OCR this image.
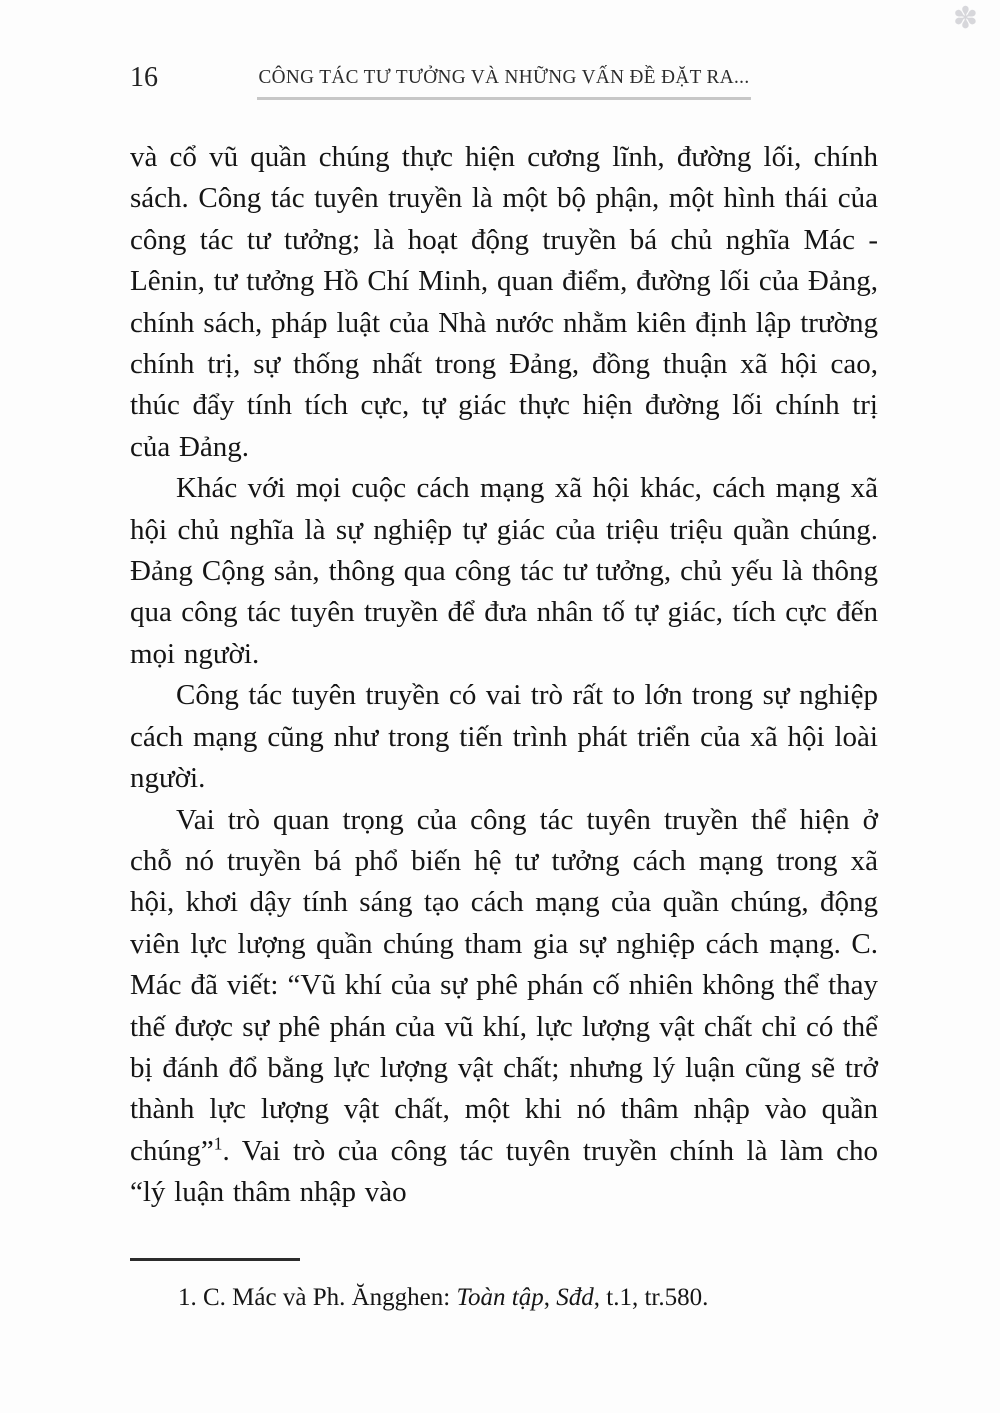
✽
16	CÔNG TÁC TƯ TƯỞNG VÀ NHỮNG VẤN ĐỀ ĐẶT RA...

và cổ vũ quần chúng thực hiện cương lĩnh, đường lối, chính sách. Công tác tuyên truyền là một bộ phận, một hình thái của công tác tư tưởng; là hoạt động truyền bá chủ nghĩa Mác - Lênin, tư tưởng Hồ Chí Minh, quan điểm, đường lối của Đảng, chính sách, pháp luật của Nhà nước nhằm kiên định lập trường chính trị, sự thống nhất trong Đảng, đồng thuận xã hội cao, thúc đẩy tính tích cực, tự giác thực hiện đường lối chính trị của Đảng.

Khác với mọi cuộc cách mạng xã hội khác, cách mạng xã hội chủ nghĩa là sự nghiệp tự giác của triệu triệu quần chúng. Đảng Cộng sản, thông qua công tác tư tưởng, chủ yếu là thông qua công tác tuyên truyền để đưa nhân tố tự giác, tích cực đến mọi người.

Công tác tuyên truyền có vai trò rất to lớn trong sự nghiệp cách mạng cũng như trong tiến trình phát triển của xã hội loài người.

Vai trò quan trọng của công tác tuyên truyền thể hiện ở chỗ nó truyền bá phổ biến hệ tư tưởng cách mạng trong xã hội, khơi dậy tính sáng tạo cách mạng của quần chúng, động viên lực lượng quần chúng tham gia sự nghiệp cách mạng. C. Mác đã viết: “Vũ khí của sự phê phán cố nhiên không thể thay thế được sự phê phán của vũ khí, lực lượng vật chất chỉ có thể bị đánh đổ bằng lực lượng vật chất; nhưng lý luận cũng sẽ trở thành lực lượng vật chất, một khi nó thâm nhập vào quần chúng”$^1$. Vai trò của công tác tuyên truyền chính là làm cho “lý luận thâm nhập vào

1. C. Mác và Ph. Ăngghen: Toàn tập, Sđd, t.1, tr.580.
